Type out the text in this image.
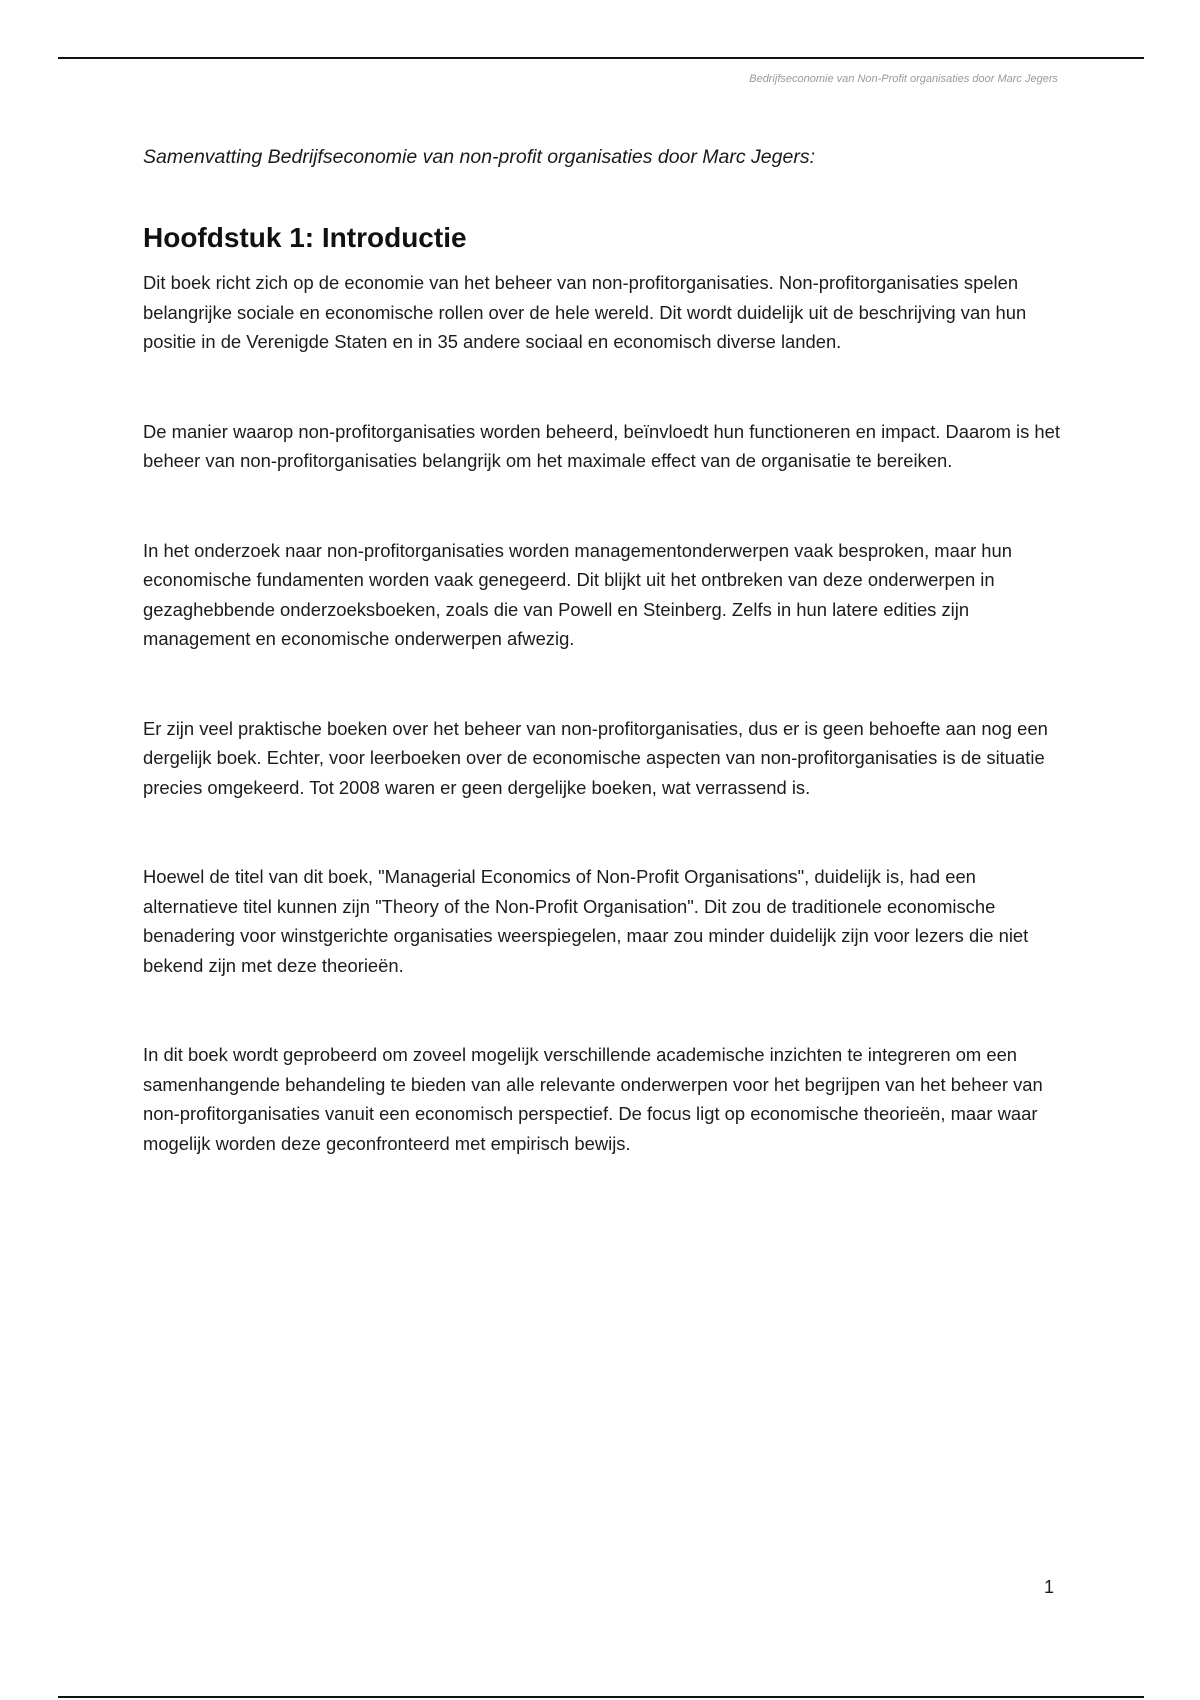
Bedrijfseconomie van Non-Profit organisaties door Marc Jegers

Samenvatting Bedrijfseconomie van non-profit organisaties door Marc Jegers:

Hoofdstuk 1: Introductie

Dit boek richt zich op de economie van het beheer van non-profitorganisaties. Non-profitorganisaties spelen belangrijke sociale en economische rollen over de hele wereld. Dit wordt duidelijk uit de beschrijving van hun positie in de Verenigde Staten en in 35 andere sociaal en economisch diverse landen.

De manier waarop non-profitorganisaties worden beheerd, beïnvloedt hun functioneren en impact. Daarom is het beheer van non-profitorganisaties belangrijk om het maximale effect van de organisatie te bereiken.

In het onderzoek naar non-profitorganisaties worden managementonderwerpen vaak besproken, maar hun economische fundamenten worden vaak genegeerd. Dit blijkt uit het ontbreken van deze onderwerpen in gezaghebbende onderzoeksboeken, zoals die van Powell en Steinberg. Zelfs in hun latere edities zijn management en economische onderwerpen afwezig.

Er zijn veel praktische boeken over het beheer van non-profitorganisaties, dus er is geen behoefte aan nog een dergelijk boek. Echter, voor leerboeken over de economische aspecten van non-profitorganisaties is de situatie precies omgekeerd. Tot 2008 waren er geen dergelijke boeken, wat verrassend is.

Hoewel de titel van dit boek, "Managerial Economics of Non-Profit Organisations", duidelijk is, had een alternatieve titel kunnen zijn "Theory of the Non-Profit Organisation". Dit zou de traditionele economische benadering voor winstgerichte organisaties weerspiegelen, maar zou minder duidelijk zijn voor lezers die niet bekend zijn met deze theorieën.

In dit boek wordt geprobeerd om zoveel mogelijk verschillende academische inzichten te integreren om een samenhangende behandeling te bieden van alle relevante onderwerpen voor het begrijpen van het beheer van non-profitorganisaties vanuit een economisch perspectief. De focus ligt op economische theorieën, maar waar mogelijk worden deze geconfronteerd met empirisch bewijs.

1
